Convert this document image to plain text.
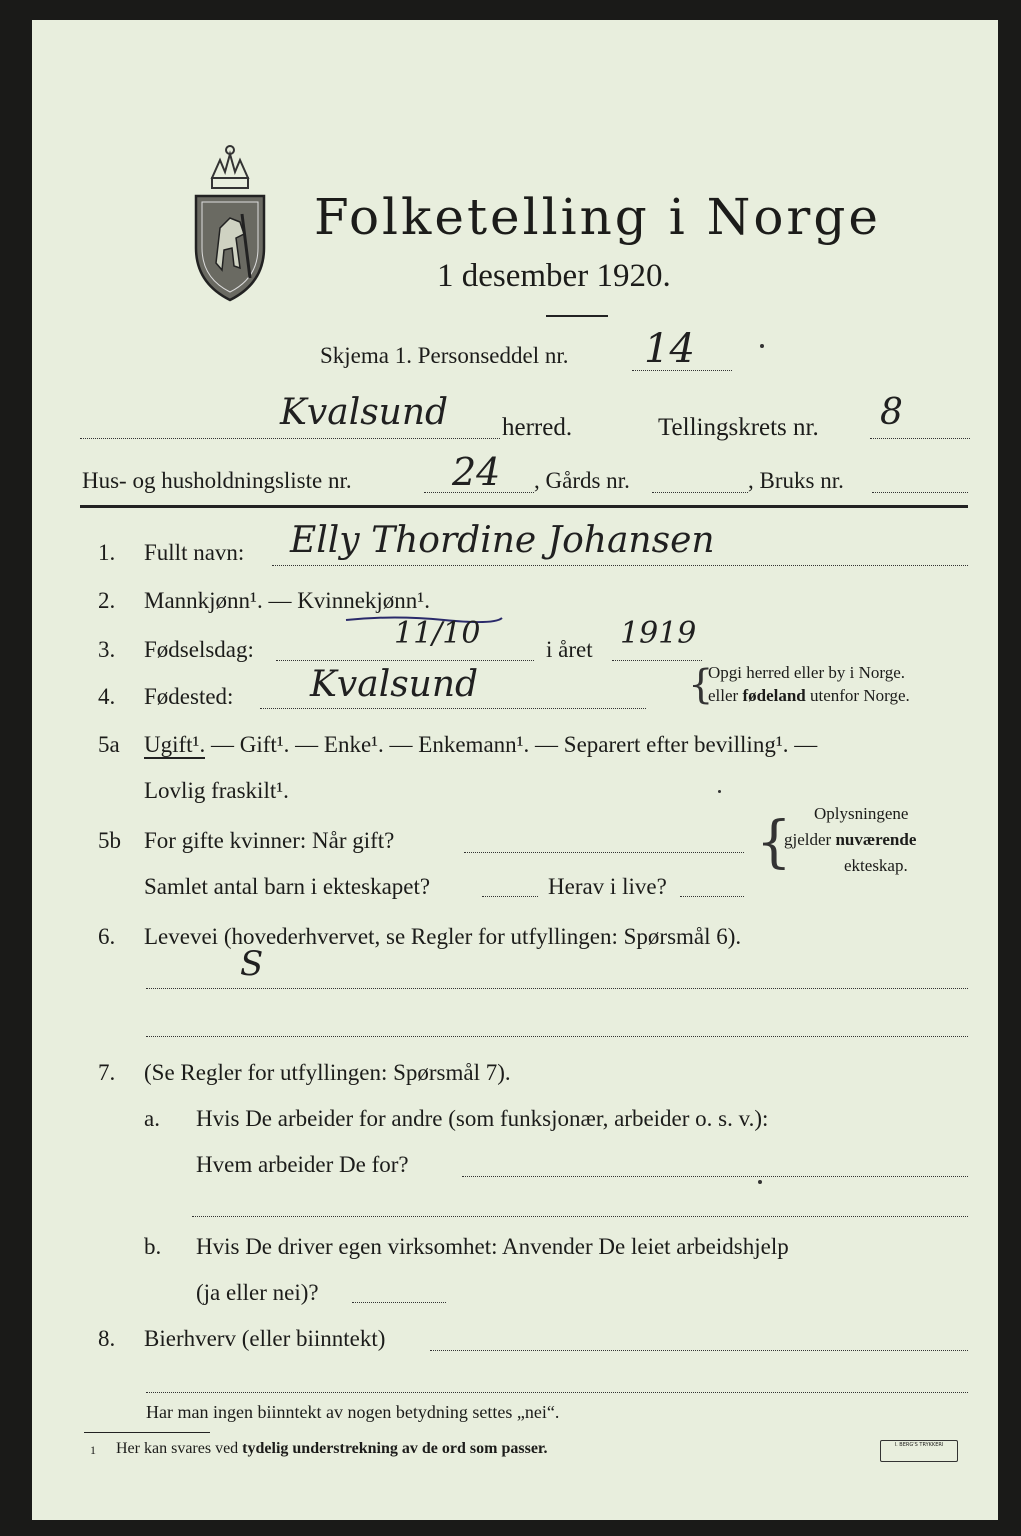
Folketelling i Norge
1 desember 1920.
Skjema 1. Personseddel nr. 14
Kvalsund herred.	Tellingskrets nr. 8
Hus- og husholdningsliste nr.	24 , Gårds nr.	, Bruks nr.
1. Fullt navn: Elly Thordine Johansen
2. Mannkjønn¹. — Kvinnekjønn¹.
3. Fødselsdag:	11/10	i året 1919
4. Fødested: Kvalsund	{
Opgi herred eller by i Norge.
eller fødeland utenfor Norge.
5a Ugift¹. — Gift¹. — Enke¹. — Enkemann¹. — Separert efter bevilling¹. —
Lovlig fraskilt¹.
5b For gifte kvinner: Når gift?
Samlet antal barn i ekteskapet?	Herav i live?
{ Oplysningene
gjelder nuværende
ekteskap.
6. Levevei (hovederhvervet, se Regler for utfyllingen: Spørsmål 6).
S
7. (Se Regler for utfyllingen: Spørsmål 7).
a. Hvis De arbeider for andre (som funksjonær, arbeider o. s. v.):
Hvem arbeider De for?
b. Hvis De driver egen virksomhet: Anvender De leiet arbeidshjelp
(ja eller nei)?
8. Bierhverv (eller biinntekt)
Har man ingen biinntekt av nogen betydning settes „nei“.
1 Her kan svares ved tydelig understrekning av de ord som passer.	I. BERG'S TRYKKERI
